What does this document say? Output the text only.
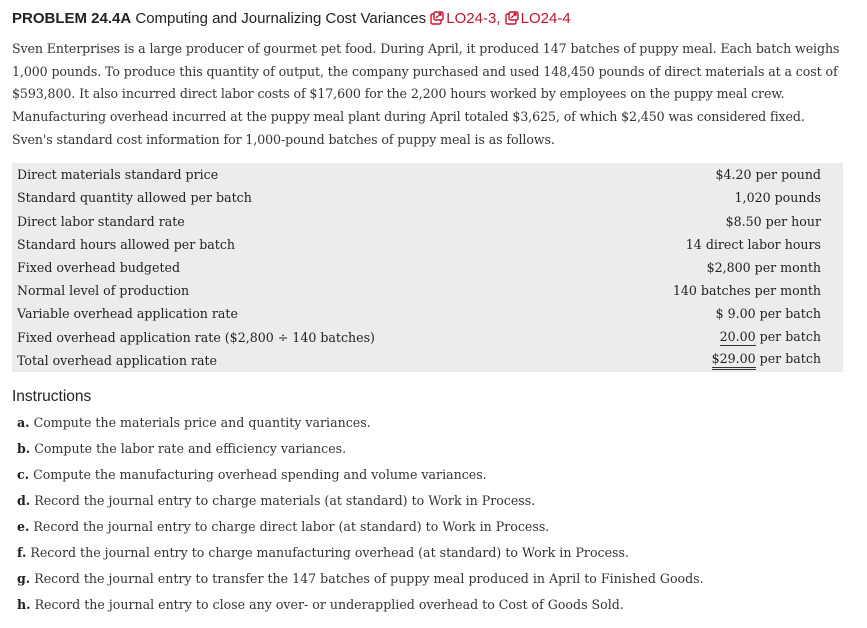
PROBLEM 24.4A Computing and Journalizing Cost Variances LO24-3, LO24-4

Sven Enterprises is a large producer of gourmet pet food. During April, it produced 147 batches of puppy meal. Each batch weighs 1,000 pounds. To produce this quantity of output, the company purchased and used 148,450 pounds of direct materials at a cost of $593,800. It also incurred direct labor costs of $17,600 for the 2,200 hours worked by employees on the puppy meal crew. Manufacturing overhead incurred at the puppy meal plant during April totaled $3,625, of which $2,450 was considered fixed. Sven's standard cost information for 1,000-pound batches of puppy meal is as follows.

Direct materials standard price	$4.20 per pound
Standard quantity allowed per batch	1,020 pounds
Direct labor standard rate	$8.50 per hour
Standard hours allowed per batch	14 direct labor hours
Fixed overhead budgeted	$2,800 per month
Normal level of production	140 batches per month
Variable overhead application rate	$ 9.00 per batch
Fixed overhead application rate ($2,800 ÷ 140 batches)	20.00 per batch
Total overhead application rate	$29.00 per batch
Instructions
a. Compute the materials price and quantity variances.
b. Compute the labor rate and efficiency variances.
c. Compute the manufacturing overhead spending and volume variances.
d. Record the journal entry to charge materials (at standard) to Work in Process.
e. Record the journal entry to charge direct labor (at standard) to Work in Process.
f. Record the journal entry to charge manufacturing overhead (at standard) to Work in Process.
g. Record the journal entry to transfer the 147 batches of puppy meal produced in April to Finished Goods.
h. Record the journal entry to close any over- or underapplied overhead to Cost of Goods Sold.
